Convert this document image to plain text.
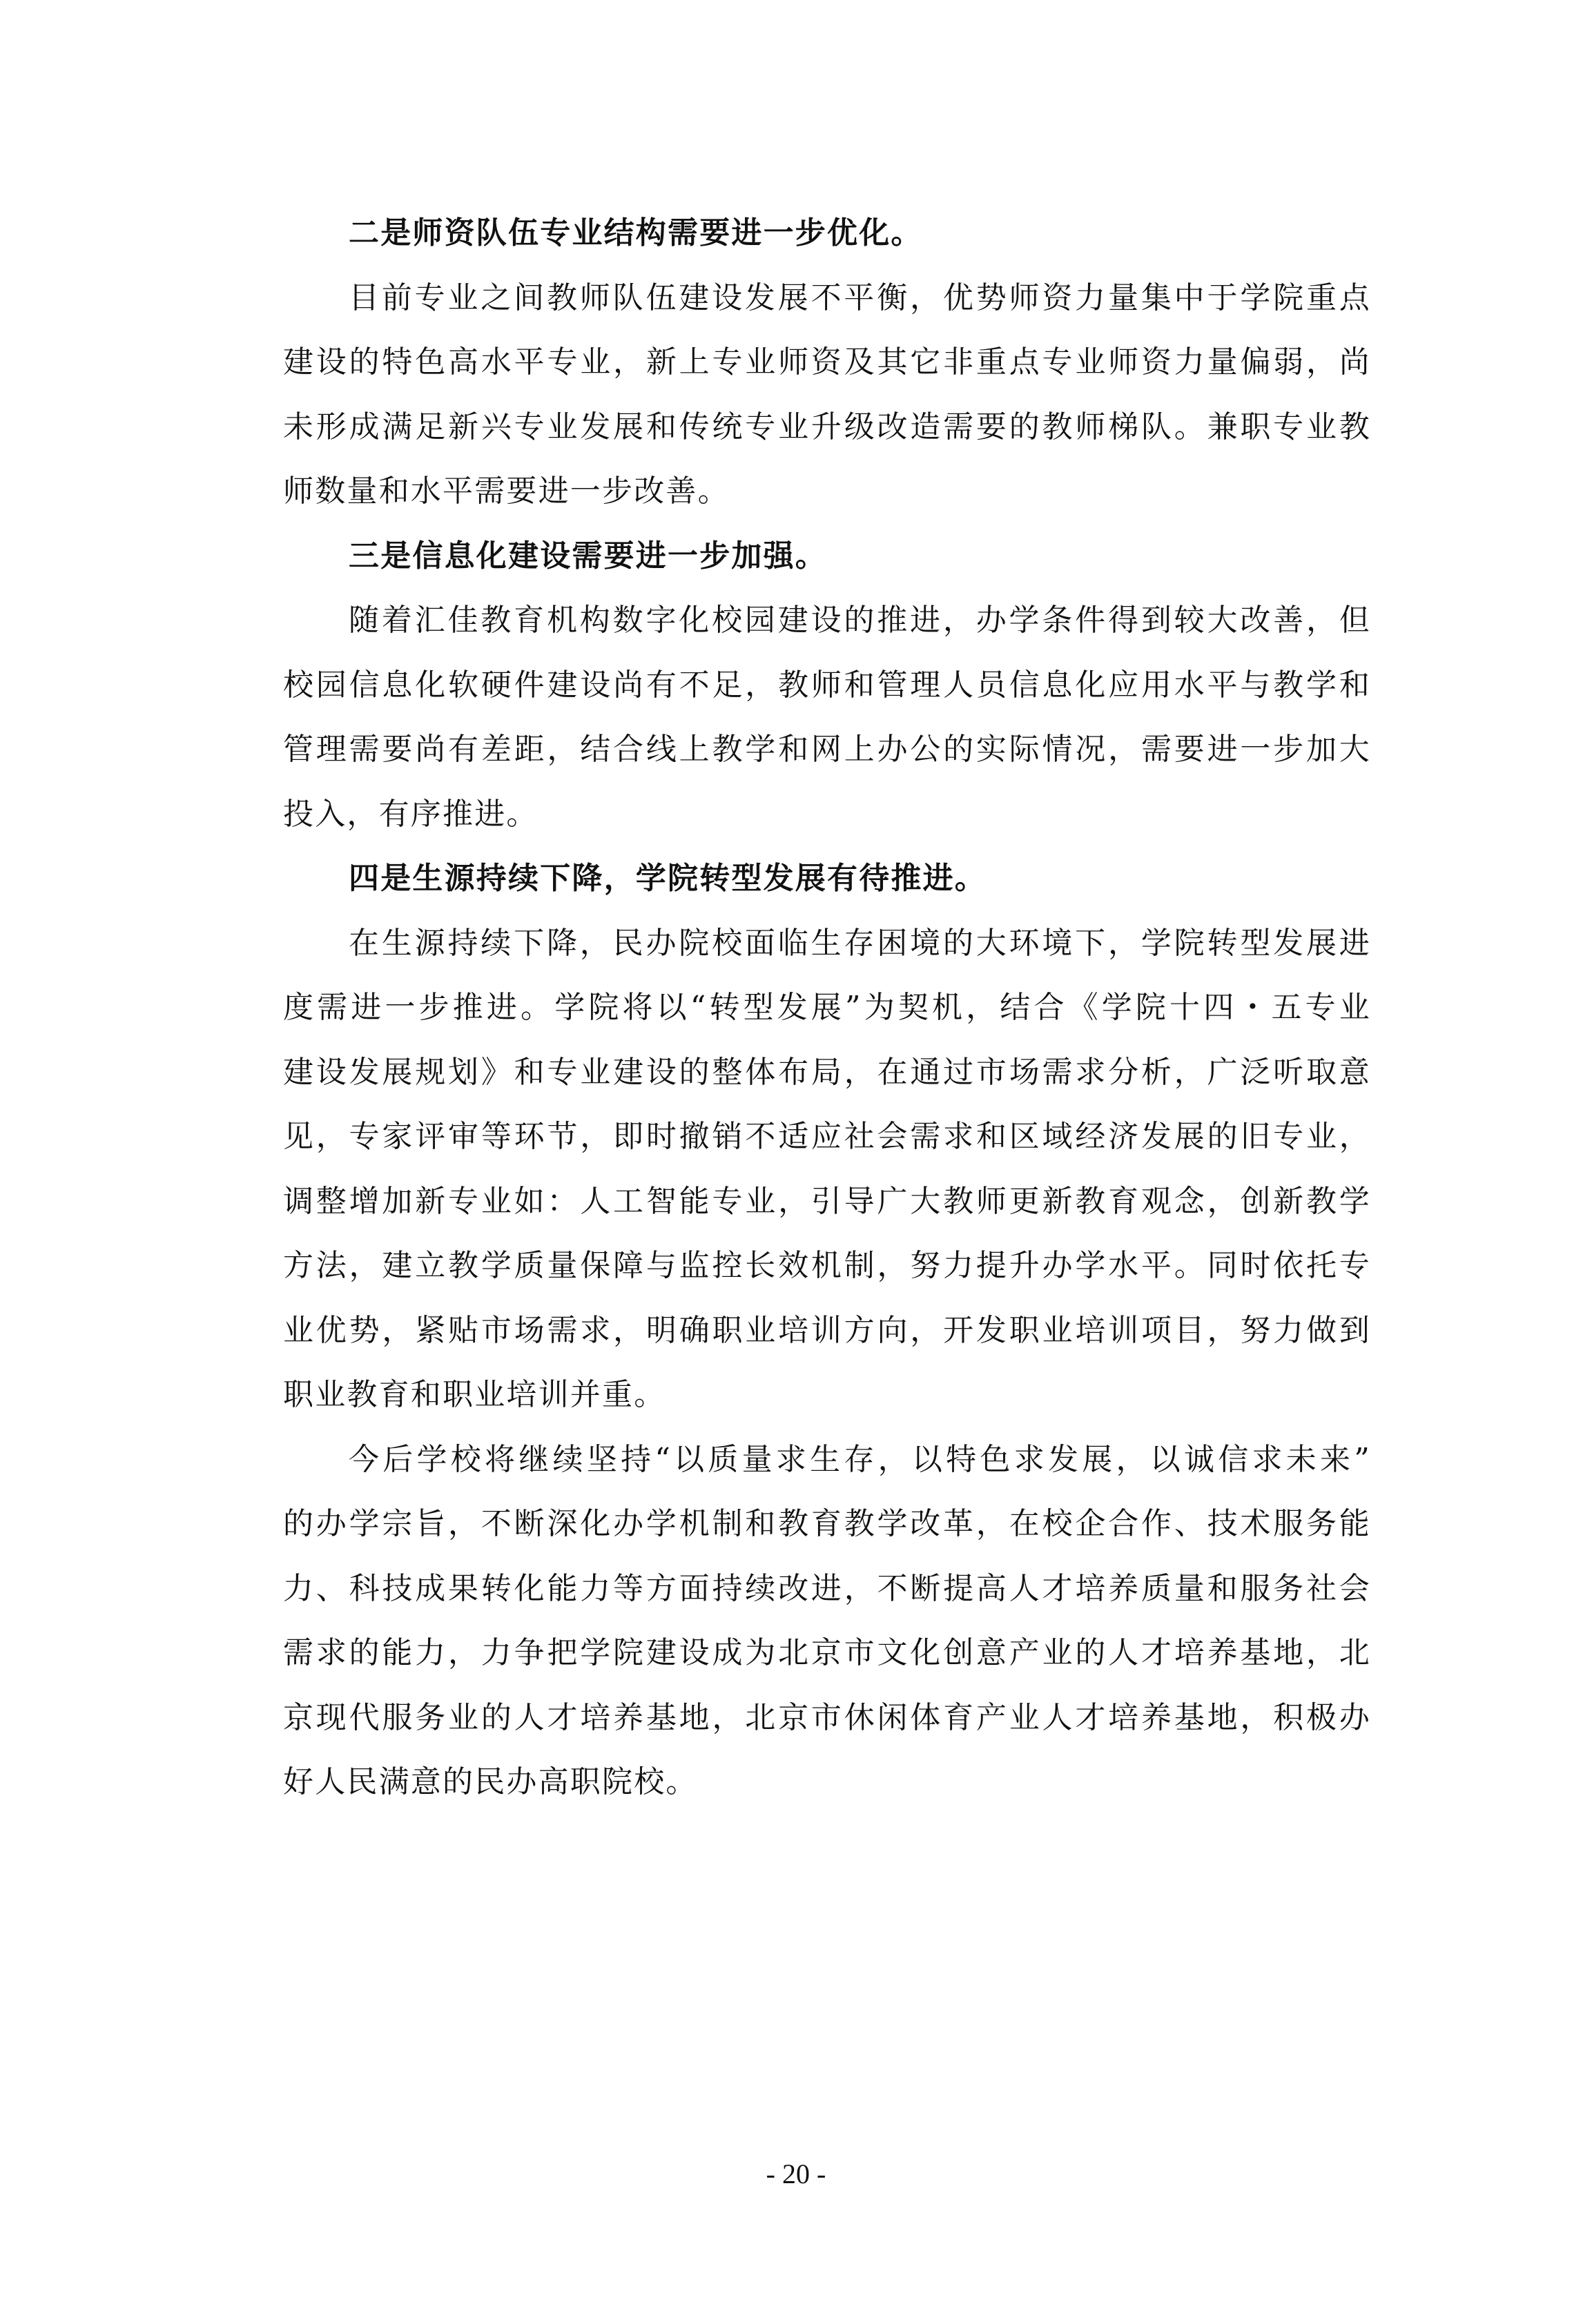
二是师资队伍专业结构需要进一步优化。
目前专业之间教师队伍建设发展不平衡，优势师资力量集中于学院重点
建设的特色高水平专业，新上专业师资及其它非重点专业师资力量偏弱，尚
未形成满足新兴专业发展和传统专业升级改造需要的教师梯队。兼职专业教
师数量和水平需要进一步改善。
三是信息化建设需要进一步加强。
随着汇佳教育机构数字化校园建设的推进，办学条件得到较大改善，但
校园信息化软硬件建设尚有不足，教师和管理人员信息化应用水平与教学和
管理需要尚有差距，结合线上教学和网上办公的实际情况，需要进一步加大
投入，有序推进。
四是生源持续下降，学院转型发展有待推进。
在生源持续下降，民办院校面临生存困境的大环境下，学院转型发展进
度需进一步推进。学院将以“转型发展”为契机，结合《学院十四・五专业
建设发展规划》和专业建设的整体布局，在通过市场需求分析，广泛听取意
见，专家评审等环节，即时撤销不适应社会需求和区域经济发展的旧专业，
调整增加新专业如：人工智能专业，引导广大教师更新教育观念，创新教学
方法，建立教学质量保障与监控长效机制，努力提升办学水平。同时依托专
业优势，紧贴市场需求，明确职业培训方向，开发职业培训项目，努力做到
职业教育和职业培训并重。
今后学校将继续坚持“以质量求生存，以特色求发展，以诚信求未来”
的办学宗旨，不断深化办学机制和教育教学改革，在校企合作、技术服务能
力、科技成果转化能力等方面持续改进，不断提高人才培养质量和服务社会
需求的能力，力争把学院建设成为北京市文化创意产业的人才培养基地，北
京现代服务业的人才培养基地，北京市休闲体育产业人才培养基地，积极办
好人民满意的民办高职院校。
- 20 -
